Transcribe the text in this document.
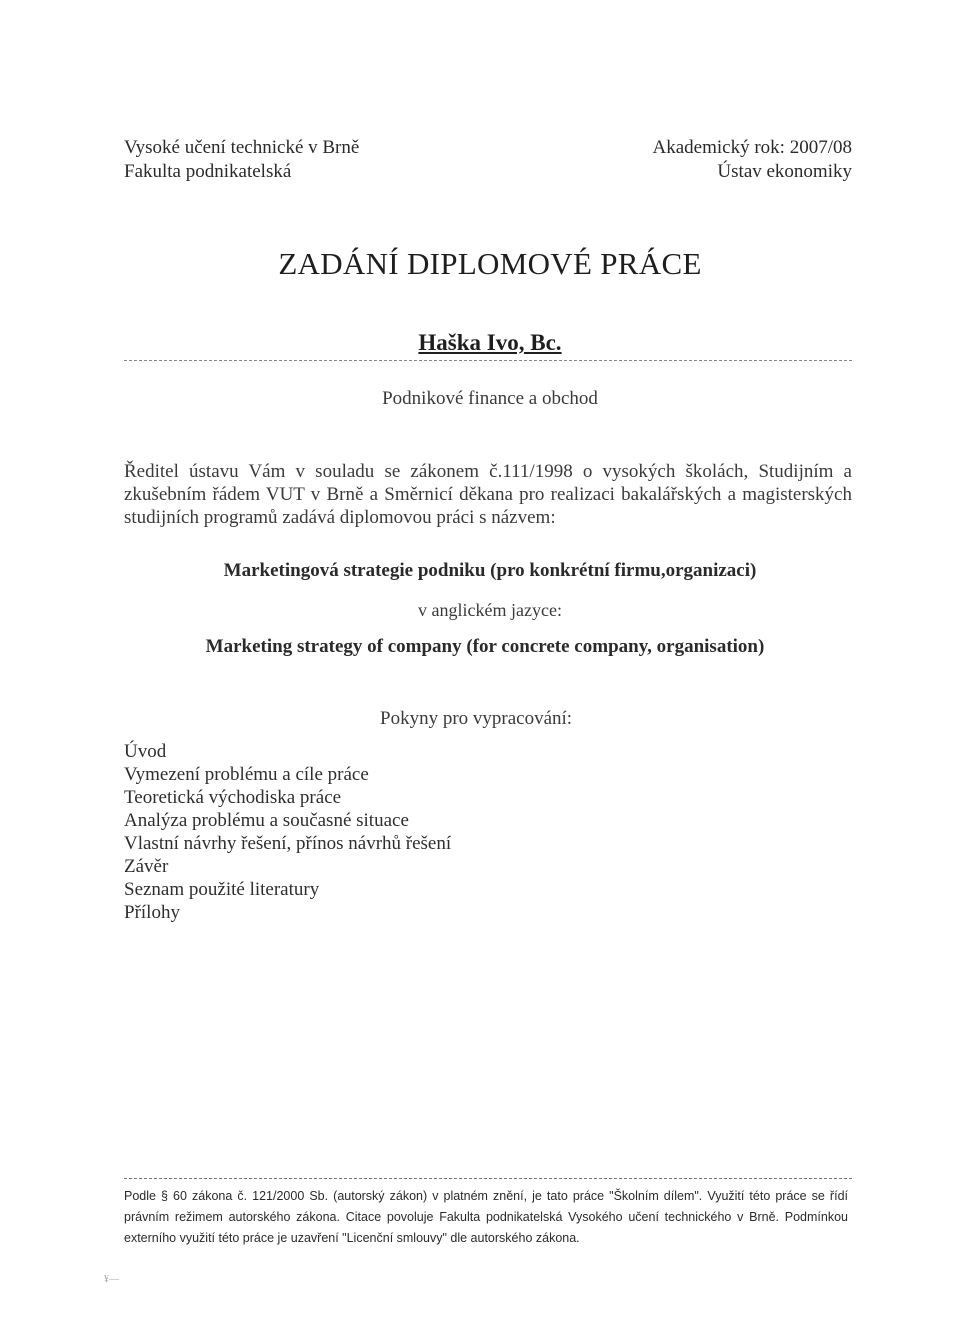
Vysoké učení technické v Brně
Fakulta podnikatelská
Akademický rok: 2007/08
Ústav ekonomiky
ZADÁNÍ DIPLOMOVÉ PRÁCE
Haška Ivo, Bc.
Podnikové finance a obchod
Ředitel ústavu Vám v souladu se zákonem č.111/1998 o vysokých školách, Studijním a zkušebním řádem VUT v Brně a Směrnicí děkana pro realizaci bakalářských a magisterských studijních programů zadává diplomovou práci s názvem:
Marketingová strategie podniku (pro konkrétní firmu,organizaci)
v anglickém jazyce:
Marketing strategy of company (for concrete company, organisation)
Pokyny pro vypracování:
Úvod
Vymezení problému a cíle práce
Teoretická východiska práce
Analýza problému a současné situace
Vlastní návrhy řešení, přínos návrhů řešení
Závěr
Seznam použité literatury
Přílohy
Podle § 60 zákona č. 121/2000 Sb. (autorský zákon) v platném znění, je tato práce "Školním dílem". Využití této práce se řídí právním režimem autorského zákona. Citace povoluje Fakulta podnikatelská Vysokého učení technického v Brně. Podmínkou externího využití této práce je uzavření "Licenční smlouvy" dle autorského zákona.
¥—
